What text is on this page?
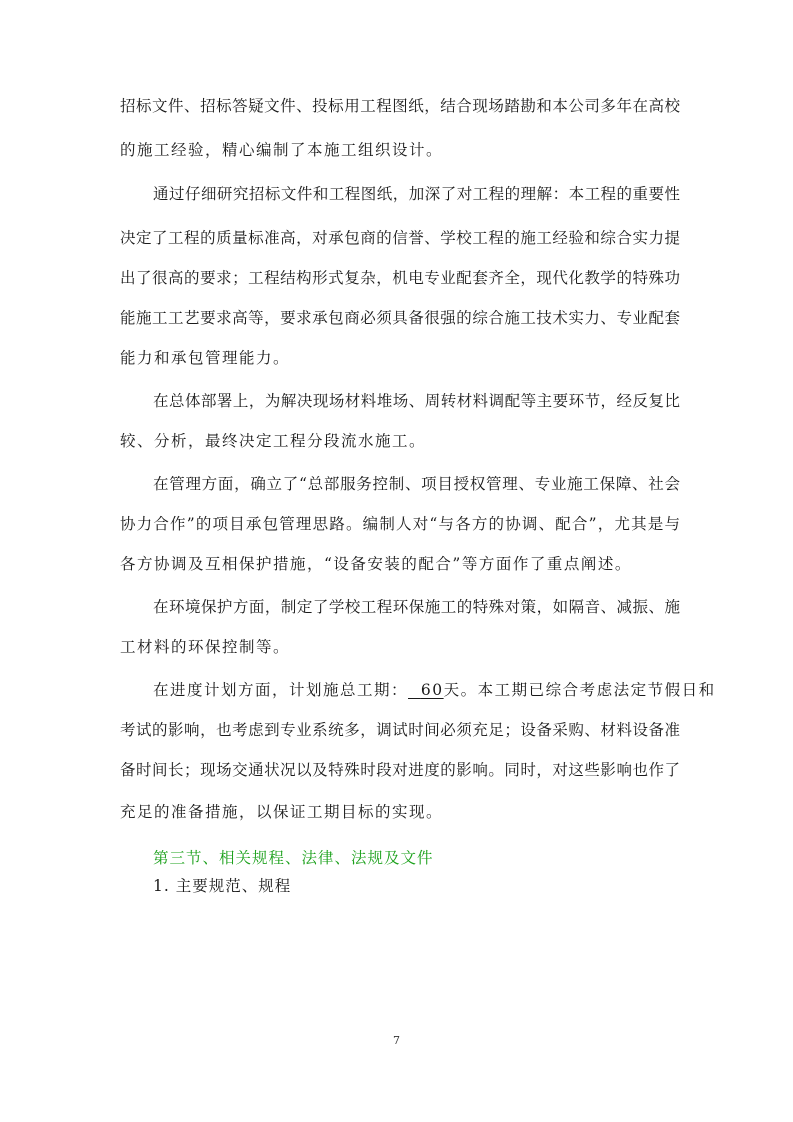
招标文件、招标答疑文件、投标用工程图纸，结合现场踏勘和本公司多年在高校
的施工经验，精心编制了本施工组织设计。
通过仔细研究招标文件和工程图纸，加深了对工程的理解：本工程的重要性
决定了工程的质量标准高，对承包商的信誉、学校工程的施工经验和综合实力提
出了很高的要求；工程结构形式复杂，机电专业配套齐全，现代化教学的特殊功
能施工工艺要求高等，要求承包商必须具备很强的综合施工技术实力、专业配套
能力和承包管理能力。
在总体部署上，为解决现场材料堆场、周转材料调配等主要环节，经反复比
较、分析，最终决定工程分段流水施工。
在管理方面，确立了“总部服务控制、项目授权管理、专业施工保障、社会
协力合作”的项目承包管理思路。编制人对“与各方的协调、配合”，尤其是与
各方协调及互相保护措施，“设备安装的配合”等方面作了重点阐述。
在环境保护方面，制定了学校工程环保施工的特殊对策，如隔音、减振、施
工材料的环保控制等。
在进度计划方面，计划施总工期： 60天。本工期已综合考虑法定节假日和
考试的影响，也考虑到专业系统多，调试时间必须充足；设备采购、材料设备准
备时间长；现场交通状况以及特殊时段对进度的影响。同时，对这些影响也作了
充足的准备措施，以保证工期目标的实现。
第三节、相关规程、法律、法规及文件
1. 主要规范、规程
7
